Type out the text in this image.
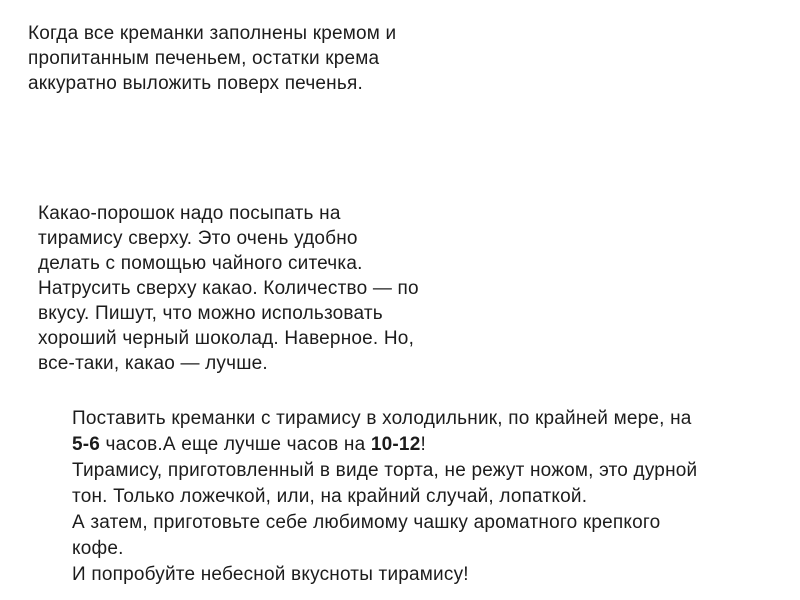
Когда все креманки заполнены кремом и
пропитанным печеньем, остатки крема
аккуратно выложить поверх печенья.
Какао-порошок надо посыпать на
тирамису сверху. Это очень удобно
делать с помощью чайного ситечка.
Натрусить сверху какао. Количество — по
вкусу. Пишут, что можно использовать
хороший черный шоколад. Наверное. Но,
все-таки, какао — лучше.
Поставить креманки с тирамису в холодильник, по крайней мере, на
5-6 часов.А еще лучше часов на 10-12!
Тирамису, приготовленный в виде торта, не режут ножом, это дурной
тон. Только ложечкой, или, на крайний случай, лопаткой.
А затем, приготовьте себе любимому чашку ароматного крепкого
кофе.
И попробуйте небесной вкусноты тирамису!
